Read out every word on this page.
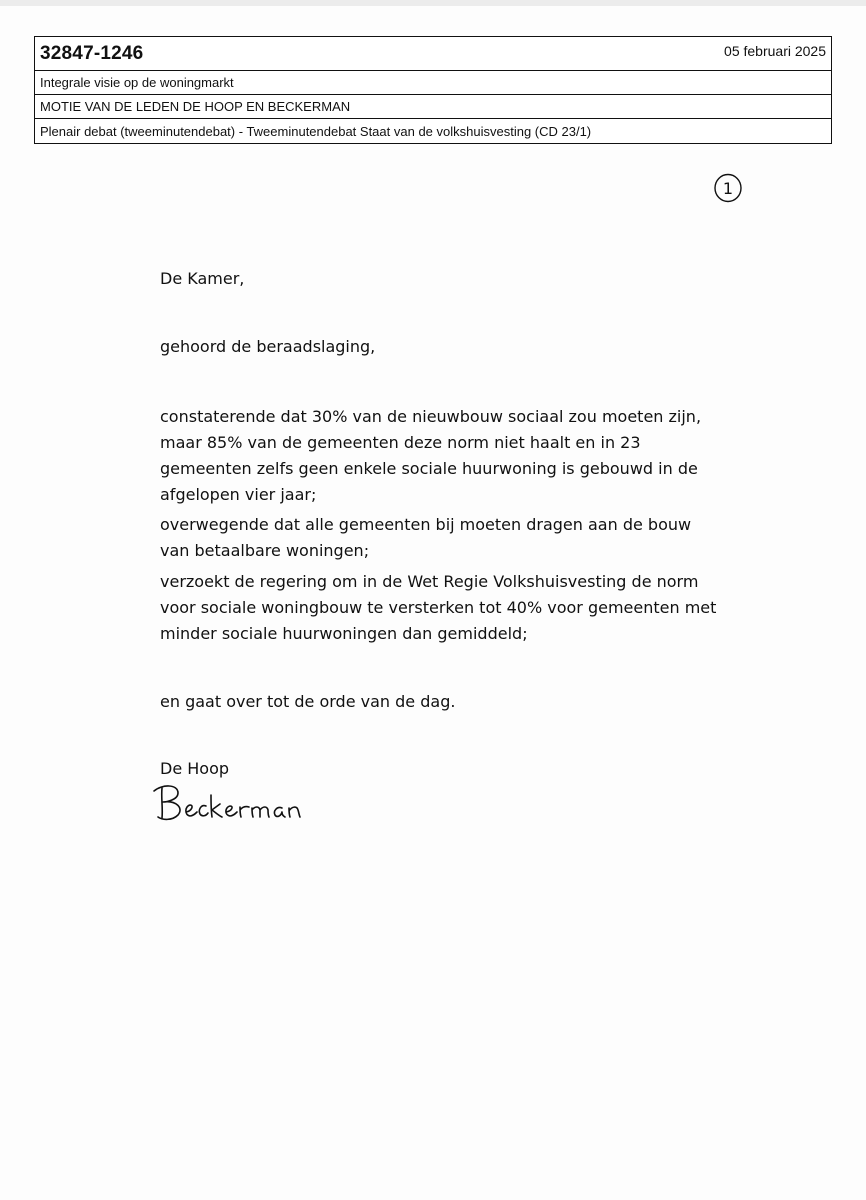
32847-1246	05 februari 2025
Integrale visie op de woningmarkt
MOTIE VAN DE LEDEN DE HOOP EN BECKERMAN
Plenair debat (tweeminutendebat) - Tweeminutendebat Staat van de volkshuisvesting (CD 23/1)
1

De Kamer,

gehoord de beraadslaging,

constaterende dat 30% van de nieuwbouw sociaal zou moeten zijn,
maar 85% van de gemeenten deze norm niet haalt en in 23
gemeenten zelfs geen enkele sociale huurwoning is gebouwd in de
afgelopen vier jaar;
overwegende dat alle gemeenten bij moeten dragen aan de bouw
van betaalbare woningen;
verzoekt de regering om in de Wet Regie Volkshuisvesting de norm
voor sociale woningbouw te versterken tot 40% voor gemeenten met
minder sociale huurwoningen dan gemiddeld;

en gaat over tot de orde van de dag.

De Hoop
